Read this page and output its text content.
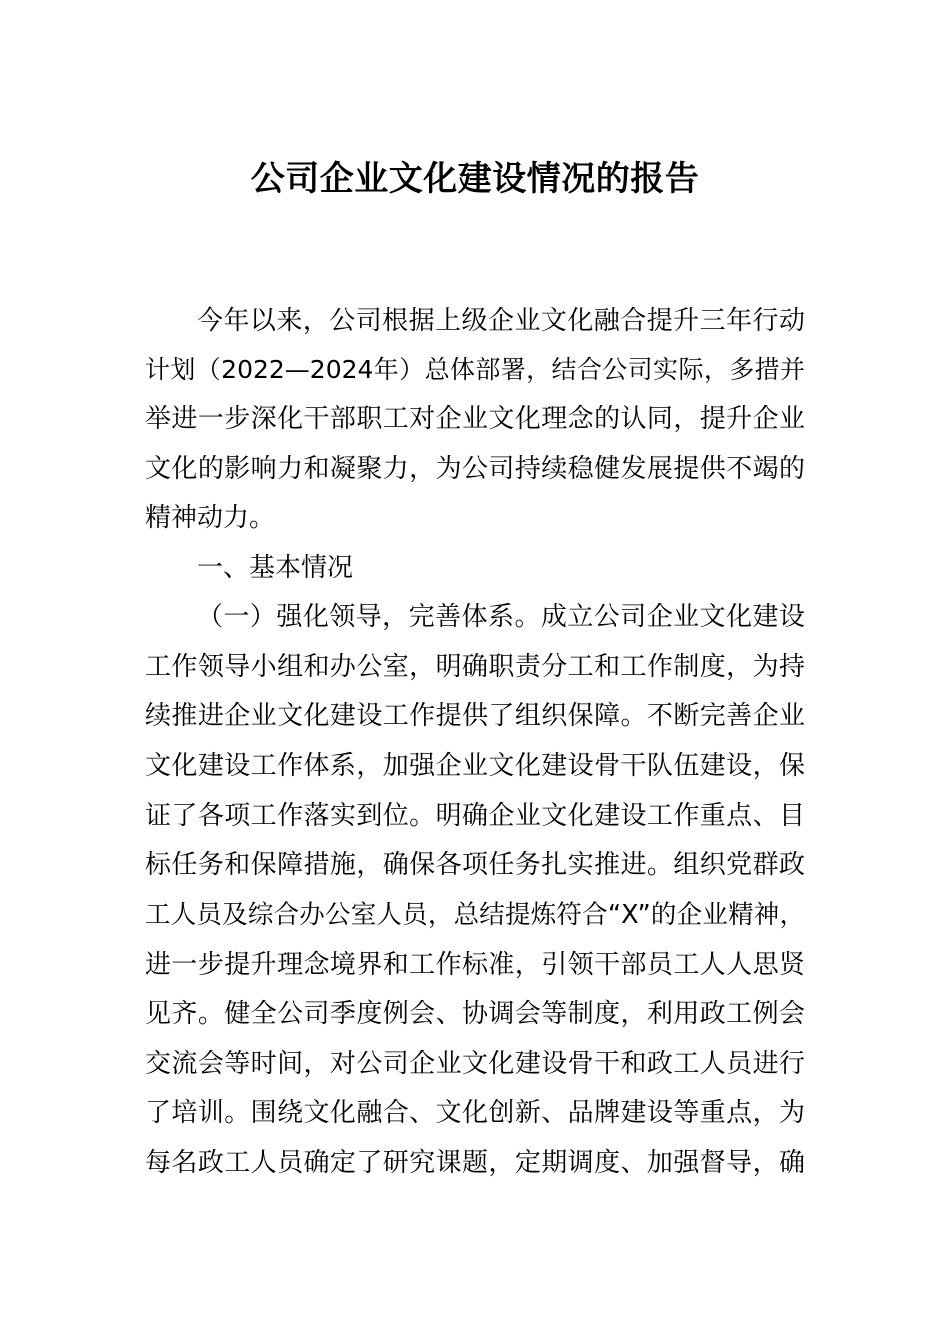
公司企业文化建设情况的报告
今年以来，公司根据上级企业文化融合提升三年行动
计划（2022—2024年）总体部署，结合公司实际，多措并
举进一步深化干部职工对企业文化理念的认同，提升企业
文化的影响力和凝聚力，为公司持续稳健发展提供不竭的
精神动力。
一、基本情况
（一）强化领导，完善体系。成立公司企业文化建设
工作领导小组和办公室，明确职责分工和工作制度，为持
续推进企业文化建设工作提供了组织保障。不断完善企业
文化建设工作体系，加强企业文化建设骨干队伍建设，保
证了各项工作落实到位。明确企业文化建设工作重点、目
标任务和保障措施，确保各项任务扎实推进。组织党群政
工人员及综合办公室人员，总结提炼符合“X”的企业精神，
进一步提升理念境界和工作标准，引领干部员工人人思贤
见齐。健全公司季度例会、协调会等制度，利用政工例会
交流会等时间，对公司企业文化建设骨干和政工人员进行
了培训。围绕文化融合、文化创新、品牌建设等重点，为
每名政工人员确定了研究课题，定期调度、加强督导，确
